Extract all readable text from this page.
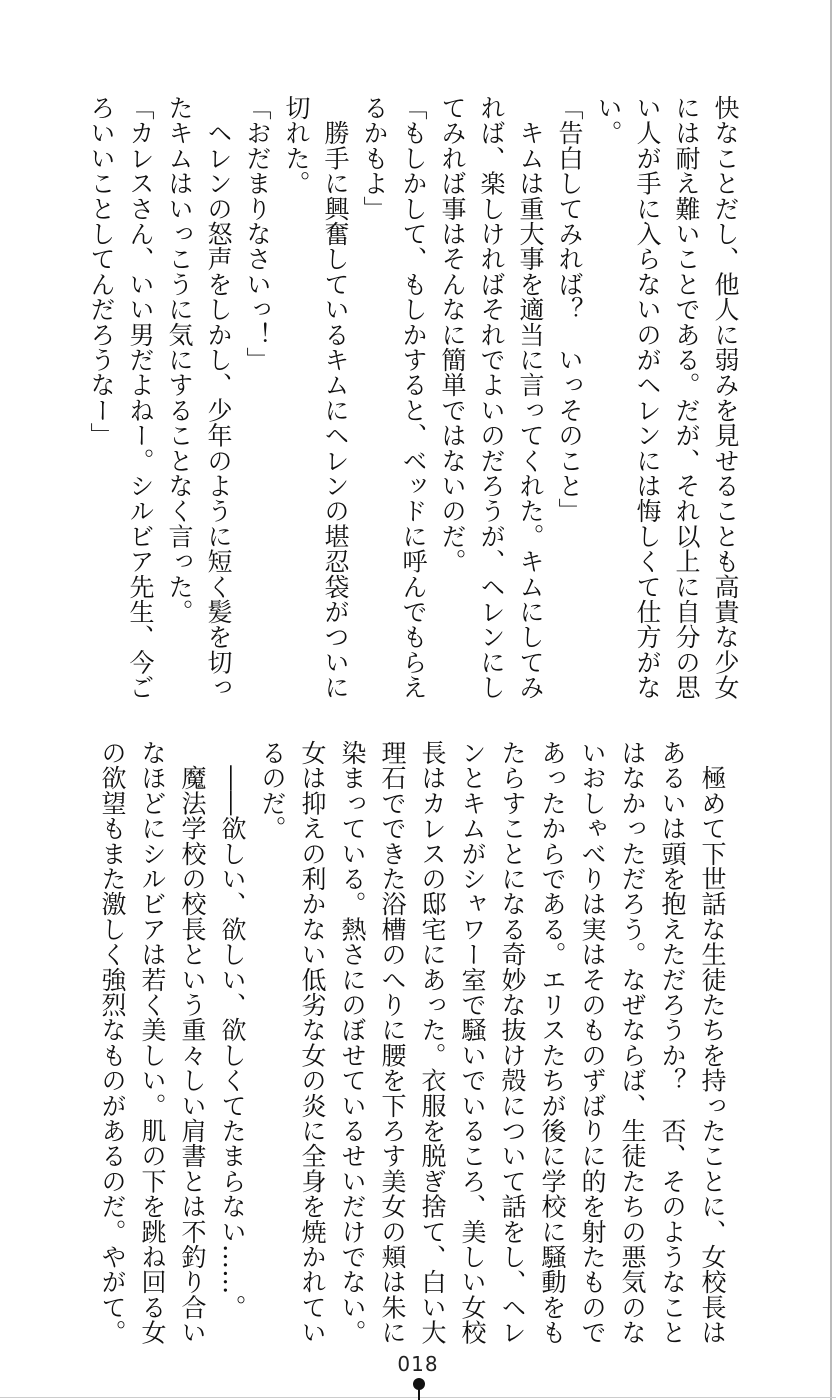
快なことだし、他人に弱みを見せることも高貴な少女
には耐え難いことである。だが、それ以上に自分の思
い人が手に入らないのがヘレンには悔しくて仕方がな
い。
「告白してみれば？　いっそのこと」
　キムは重大事を適当に言ってくれた。キムにしてみ
れば、楽しければそれでよいのだろうが、ヘレンにし
てみれば事はそんなに簡単ではないのだ。
「もしかして、もしかすると、ベッドに呼んでもらえ
るかもよ」
　勝手に興奮しているキムにヘレンの堪忍袋がついに
切れた。
「おだまりなさいっ！」
　ヘレンの怒声をしかし、少年のように短く髪を切っ
たキムはいっこうに気にすることなく言った。
「カレスさん、いい男だよねー。シルビア先生、今ご
ろいいことしてんだろうなー」
　極めて下世話な生徒たちを持ったことに、女校長は
あるいは頭を抱えただろうか？　否、そのようなこと
はなかっただろう。なぜならば、生徒たちの悪気のな
いおしゃべりは実はそのものずばりに的を射たもので
あったからである。エリスたちが後に学校に騒動をも
たらすことになる奇妙な抜け殻について話をし、ヘレ
ンとキムがシャワー室で騒いでいるころ、美しい女校
長はカレスの邸宅にあった。衣服を脱ぎ捨て、白い大
理石でできた浴槽のへりに腰を下ろす美女の頬は朱に
染まっている。熱さにのぼせているせいだけでない。
女は抑えの利かない低劣な女の炎に全身を焼かれてい
るのだ。
　――欲しい、欲しい、欲しくてたまらない……。
　魔法学校の校長という重々しい肩書とは不釣り合い
なほどにシルビアは若く美しい。肌の下を跳ね回る女
の欲望もまた激しく強烈なものがあるのだ。やがて。
018
